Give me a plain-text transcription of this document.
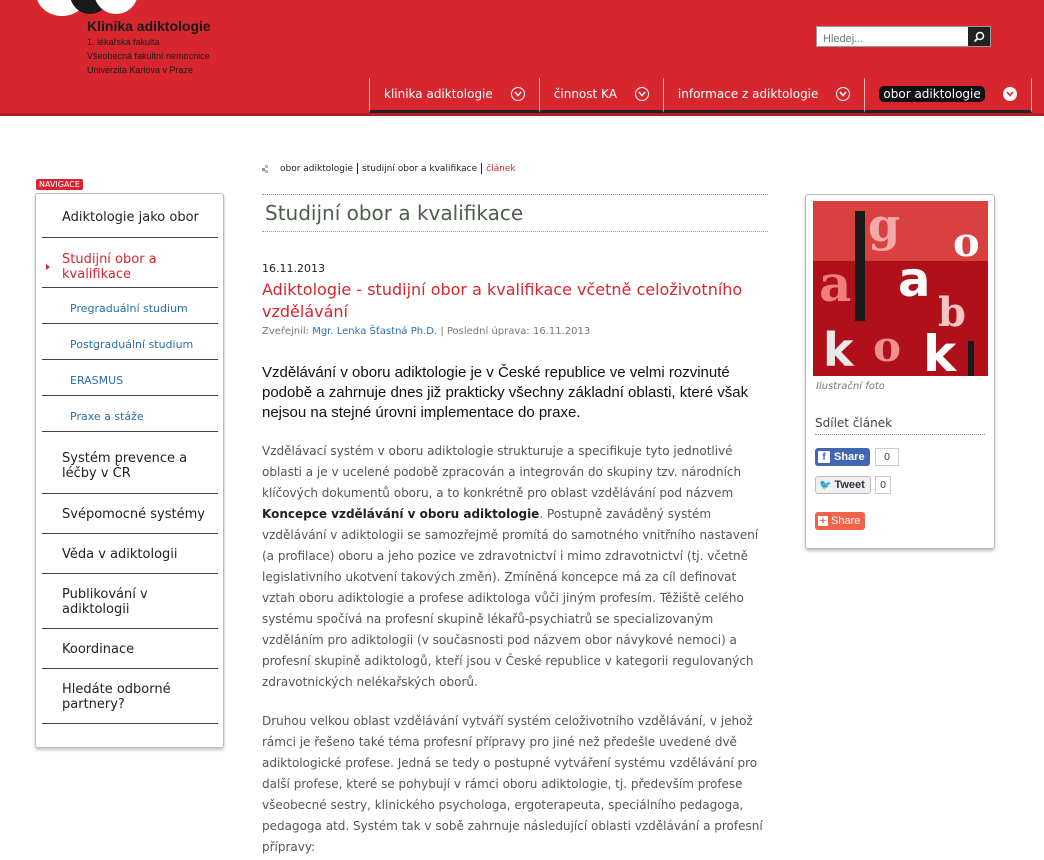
Klinika adiktologie
1. lékařská fakulta
Všeobecná fakultní nemocnice
Univerzita Karlova v Praze
Hledej...
klinika adiktologie	činnost KA	informace z adiktologie	obor adiktologie
obor adiktologie studijní obor a kvalifikace článek
NAVIGACE
Adiktologie jako obor
Studijní obor a kvalifikace
Pregraduální studium
Postgraduální studium
ERASMUS
Praxe a stáže
Systém prevence a léčby v ČR
Svépomocné systémy
Věda v adiktologii
Publikování v adiktologii
Koordinace
Hledáte odborné partnery?
Studijní obor a kvalifikace
16.11.2013
Adiktologie - studijní obor a kvalifikace včetně celoživotního vzdělávání
Zveřejnil: Mgr. Lenka Šťastná Ph.D. | Poslední úprava: 16.11.2013
Vzdělávání v oboru adiktologie je v České republice ve velmi rozvinuté podobě a zahrnuje dnes již prakticky všechny základní oblasti, které však nejsou na stejné úrovni implementace do praxe.
Vzdělávací systém v oboru adiktologie strukturuje a specifikuje tyto jednotlivé oblasti a je v ucelené podobě zpracován a integrován do skupiny tzv. národních klíčových dokumentů oboru, a to konkrétně pro oblast vzdělávání pod názvem Koncepce vzdělávání v oboru adiktologie. Postupně zaváděný systém vzdělávání v adiktologii se samozřejmě promítá do samotného vnitřního nastavení (a profilace) oboru a jeho pozice ve zdravotnictví i mimo zdravotnictví (tj. včetně legislativního ukotvení takových změn). Zmíněná koncepce má za cíl definovat vztah oboru adiktologie a profese adiktologa vůči jiným profesím. Těžiště celého systému spočívá na profesní skupině lékařů-psychiatrů se specializovaným vzděláním pro adiktologii (v současnosti pod názvem obor návykové nemoci) a profesní skupině adiktologů, kteří jsou v České republice v kategorii regulovaných zdravotnických nelékařských oborů.
Druhou velkou oblast vzdělávání vytváří systém celoživotního vzdělávání, v jehož rámci je řešeno také téma profesní přípravy pro jiné než předešle uvedené dvě adiktologické profese. Jedná se tedy o postupné vytváření systému vzdělávání pro další profese, které se pohybují v rámci oboru adiktologie, tj. především profese všeobecné sestry, klinického psychologa, ergoterapeuta, speciálního pedagoga, pedagoga atd. Systém tak v sobě zahrnuje následující oblasti vzdělávání a profesní přípravy:
g o
a a
b
k o k
Ilustrační foto
Sdílet článek
f Share	0
🐦 Tweet	0
+ Share
